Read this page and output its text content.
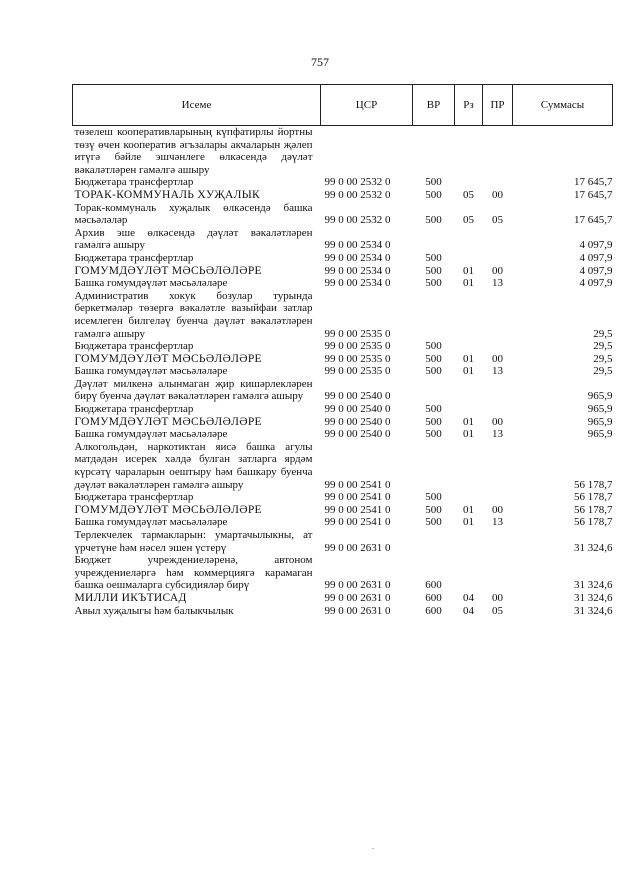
757
Исеме	ЦСР	ВР	Рз	ПР	Суммасы
төзелеш кооперативларының күпфатирлы йортны төзү өчен кооператив әгъзалары акчаларын җәлеп итүгә бәйле эшчәнлеге өлкәсендә дәүләт вәкаләтләрен гамәлгә ашыру					
Бюджетара трансфертлар	99 0 00 2532 0	500			17 645,7
ТОРАК-КОММУНАЛЬ ХУҖАЛЫК	99 0 00 2532 0	500	05	00	17 645,7
Торак-коммуналь хуҗалык өлкәсендә башка мәсьәләләр	99 0 00 2532 0	500	05	05	17 645,7
Архив эше өлкәсендә дәүләт вәкаләтләрен гамәлгә ашыру	99 0 00 2534 0				4 097,9
Бюджетара трансфертлар	99 0 00 2534 0	500			4 097,9
ГОМУМДӘҮЛӘТ МӘСЬӘЛӘЛӘРЕ	99 0 00 2534 0	500	01	00	4 097,9
Башка гомумдәүләт мәсьәләләре	99 0 00 2534 0	500	01	13	4 097,9
Административ хокук бозулар турында беркетмәләр төзергә вәкаләтле вазыйфаи затлар исемлеген билгеләү буенча дәүләт вәкаләтләрен гамәлгә ашыру	99 0 00 2535 0				29,5
Бюджетара трансфертлар	99 0 00 2535 0	500			29,5
ГОМУМДӘҮЛӘТ МӘСЬӘЛӘЛӘРЕ	99 0 00 2535 0	500	01	00	29,5
Башка гомумдәүләт мәсьәләләре	99 0 00 2535 0	500	01	13	29,5
Дәүләт милкенә алынмаган җир кишәрлекләрен бирү буенча дәүләт вәкаләтләрен гамәлгә ашыру	99 0 00 2540 0				965,9
Бюджетара трансфертлар	99 0 00 2540 0	500			965,9
ГОМУМДӘҮЛӘТ МӘСЬӘЛӘЛӘРЕ	99 0 00 2540 0	500	01	00	965,9
Башка гомумдәүләт мәсьәләләре	99 0 00 2540 0	500	01	13	965,9
Алкогольдән, наркотиктан яисә башка агулы матдәдән исерек хәлдә булган затларга ярдәм күрсәтү чараларын оештыру һәм башкару буенча дәүләт вәкаләтләрен гамәлгә ашыру	99 0 00 2541 0				56 178,7
Бюджетара трансфертлар	99 0 00 2541 0	500			56 178,7
ГОМУМДӘҮЛӘТ МӘСЬӘЛӘЛӘРЕ	99 0 00 2541 0	500	01	00	56 178,7
Башка гомумдәүләт мәсьәләләре	99 0 00 2541 0	500	01	13	56 178,7
Терлекчелек тармакларын: умартачылыкны, ат үрчетүне һәм нәсел эшен үстерү	99 0 00 2631 0				31 324,6
Бюджет учреждениеләренә, автоном учреждениеләргә һәм коммерциягә карамаган башка оешмаларга субсидияләр бирү	99 0 00 2631 0	600			31 324,6
МИЛЛИ ИКЪТИСАД	99 0 00 2631 0	600	04	00	31 324,6
Авыл хуҗалыгы һәм балыкчылык	99 0 00 2631 0	600	04	05	31 324,6
